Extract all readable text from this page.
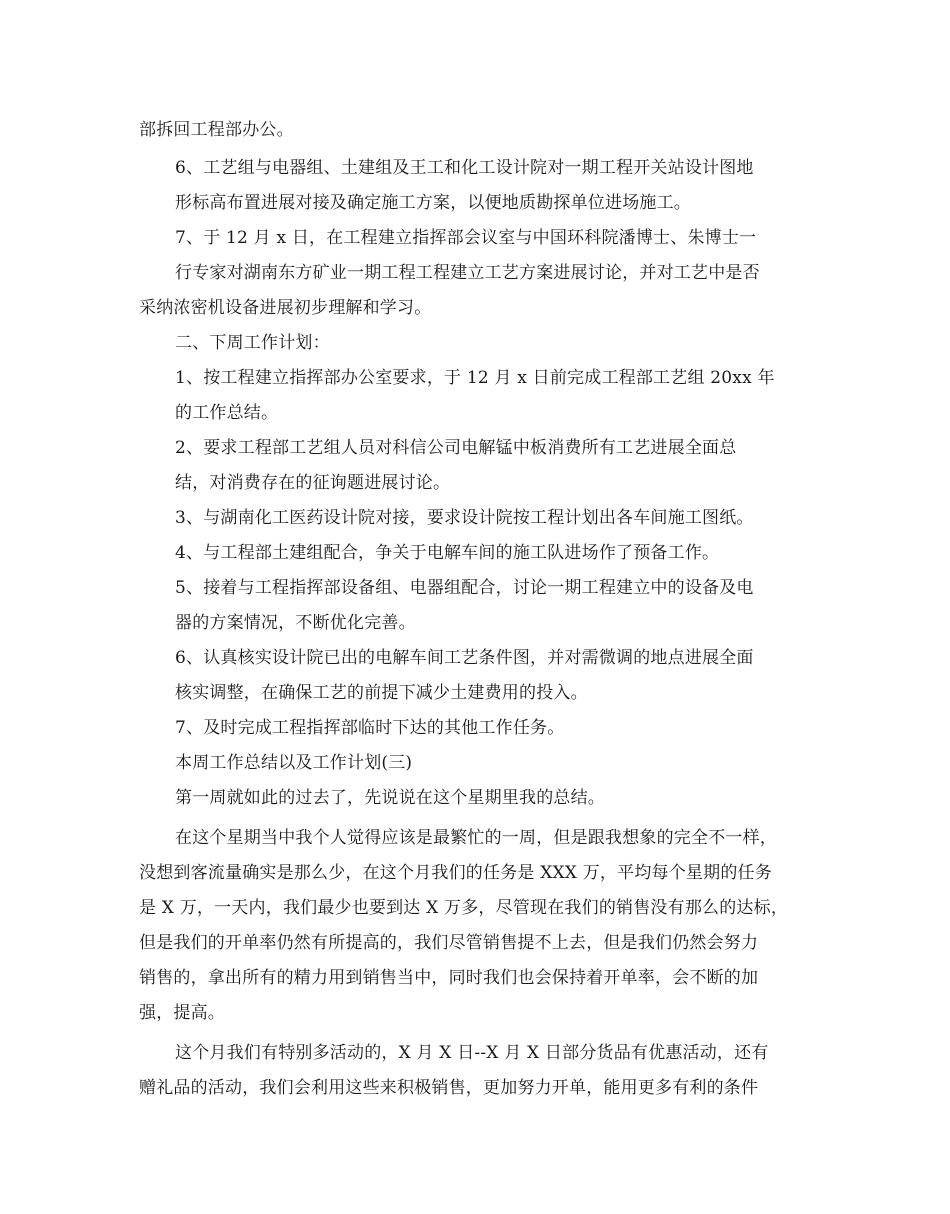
部拆回工程部办公。
6、工艺组与电器组、土建组及王工和化工设计院对一期工程开关站设计图地
形标高布置进展对接及确定施工方案，以便地质勘探单位进场施工。
7、于 12 月 x 日，在工程建立指挥部会议室与中国环科院潘博士、朱博士一
行专家对湖南东方矿业一期工程工程建立工艺方案进展讨论，并对工艺中是否
采纳浓密机设备进展初步理解和学习。
二、下周工作计划：
1、按工程建立指挥部办公室要求，于 12 月 x 日前完成工程部工艺组 20xx 年
的工作总结。
2、要求工程部工艺组人员对科信公司电解锰中板消费所有工艺进展全面总
结，对消费存在的征询题进展讨论。
3、与湖南化工医药设计院对接，要求设计院按工程计划出各车间施工图纸。
4、与工程部土建组配合，争关于电解车间的施工队进场作了预备工作。
5、接着与工程指挥部设备组、电器组配合，讨论一期工程建立中的设备及电
器的方案情况，不断优化完善。
6、认真核实设计院已出的电解车间工艺条件图，并对需微调的地点进展全面
核实调整，在确保工艺的前提下减少土建费用的投入。
7、及时完成工程指挥部临时下达的其他工作任务。
本周工作总结以及工作计划(三)
第一周就如此的过去了，先说说在这个星期里我的总结。
在这个星期当中我个人觉得应该是最繁忙的一周，但是跟我想象的完全不一样，
没想到客流量确实是那么少，在这个月我们的任务是 XXX 万，平均每个星期的任务
是 X 万，一天内，我们最少也要到达 X 万多，尽管现在我们的销售没有那么的达标，
但是我们的开单率仍然有所提高的，我们尽管销售提不上去，但是我们仍然会努力
销售的，拿出所有的精力用到销售当中，同时我们也会保持着开单率，会不断的加
强，提高。
这个月我们有特别多活动的，X 月 X 日--X 月 X 日部分货品有优惠活动，还有
赠礼品的活动，我们会利用这些来积极销售，更加努力开单，能用更多有利的条件
